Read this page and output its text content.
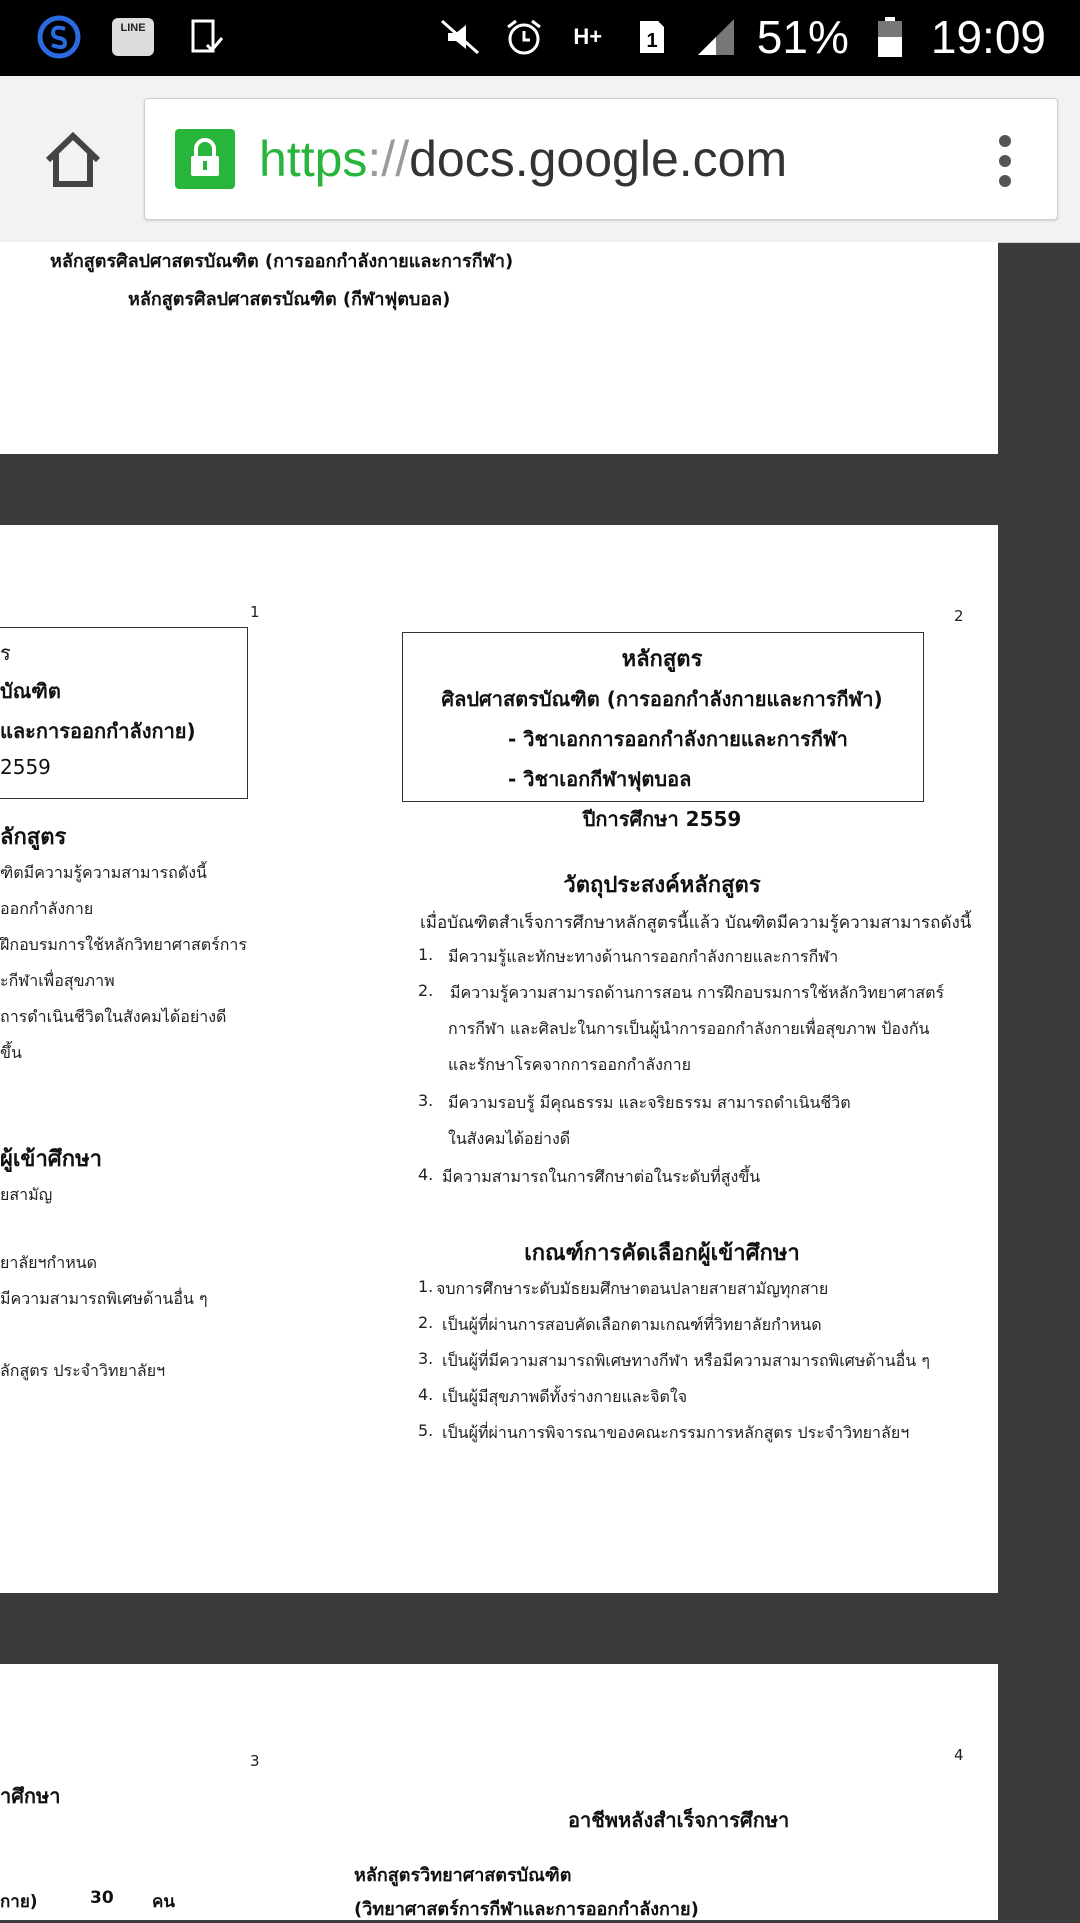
LINE	H+ 1 51% 19:09
https://docs.google.com
หลักสูตรศิลปศาสตรบัณฑิต (การออกกำลังกายและการกีฬา)
หลักสูตรศิลปศาสตรบัณฑิต (กีฬาฟุตบอล)
1
ร
บัณฑิต
และการออกกำลังกาย)
2559
ลักสูตร
ฑิตมีความรู้ความสามารถดังนี้
ออกกำลังกาย
ฝึกอบรมการใช้หลักวิทยาศาสตร์การ
ะกีฬาเพื่อสุขภาพ
ถารดำเนินชีวิตในสังคมได้อย่างดี
ขึ้น
ผู้เข้าศึกษา
ยสามัญ
ยาลัยฯกำหนด
มีความสามารถพิเศษด้านอื่น ๆ
ลักสูตร ประจำวิทยาลัยฯ
2
หลักสูตร
ศิลปศาสตรบัณฑิต (การออกกำลังกายและการกีฬา)
- วิชาเอกการออกกำลังกายและการกีฬา
- วิชาเอกกีฬาฟุตบอล
ปีการศึกษา 2559
วัตถุประสงค์หลักสูตร
เมื่อบัณฑิตสำเร็จการศึกษาหลักสูตรนี้แล้ว บัณฑิตมีความรู้ความสามารถดังนี้
1. มีความรู้และทักษะทางด้านการออกกำลังกายและการกีฬา
2. มีความรู้ความสามารถด้านการสอน การฝึกอบรมการใช้หลักวิทยาศาสตร์
การกีฬา และศิลปะในการเป็นผู้นำการออกกำลังกายเพื่อสุขภาพ ป้องกัน
และรักษาโรคจากการออกกำลังกาย
3. มีความรอบรู้ มีคุณธรรม และจริยธรรม สามารถดำเนินชีวิต
ในสังคมได้อย่างดี
4. มีความสามารถในการศึกษาต่อในระดับที่สูงขึ้น
เกณฑ์การคัดเลือกผู้เข้าศึกษา
1. จบการศึกษาระดับมัธยมศึกษาตอนปลายสายสามัญทุกสาย
2. เป็นผู้ที่ผ่านการสอบคัดเลือกตามเกณฑ์ที่วิทยาลัยกำหนด
3. เป็นผู้ที่มีความสามารถพิเศษทางกีฬา หรือมีความสามารถพิเศษด้านอื่น ๆ
4. เป็นผู้มีสุขภาพดีทั้งร่างกายและจิตใจ
5. เป็นผู้ที่ผ่านการพิจารณาของคณะกรรมการหลักสูตร ประจำวิทยาลัยฯ
3
าศึกษา
กาย)	30 คน
4
อาชีพหลังสำเร็จการศึกษา
หลักสูตรวิทยาศาสตรบัณฑิต
(วิทยาศาสตร์การกีฬาและการออกกำลังกาย)
